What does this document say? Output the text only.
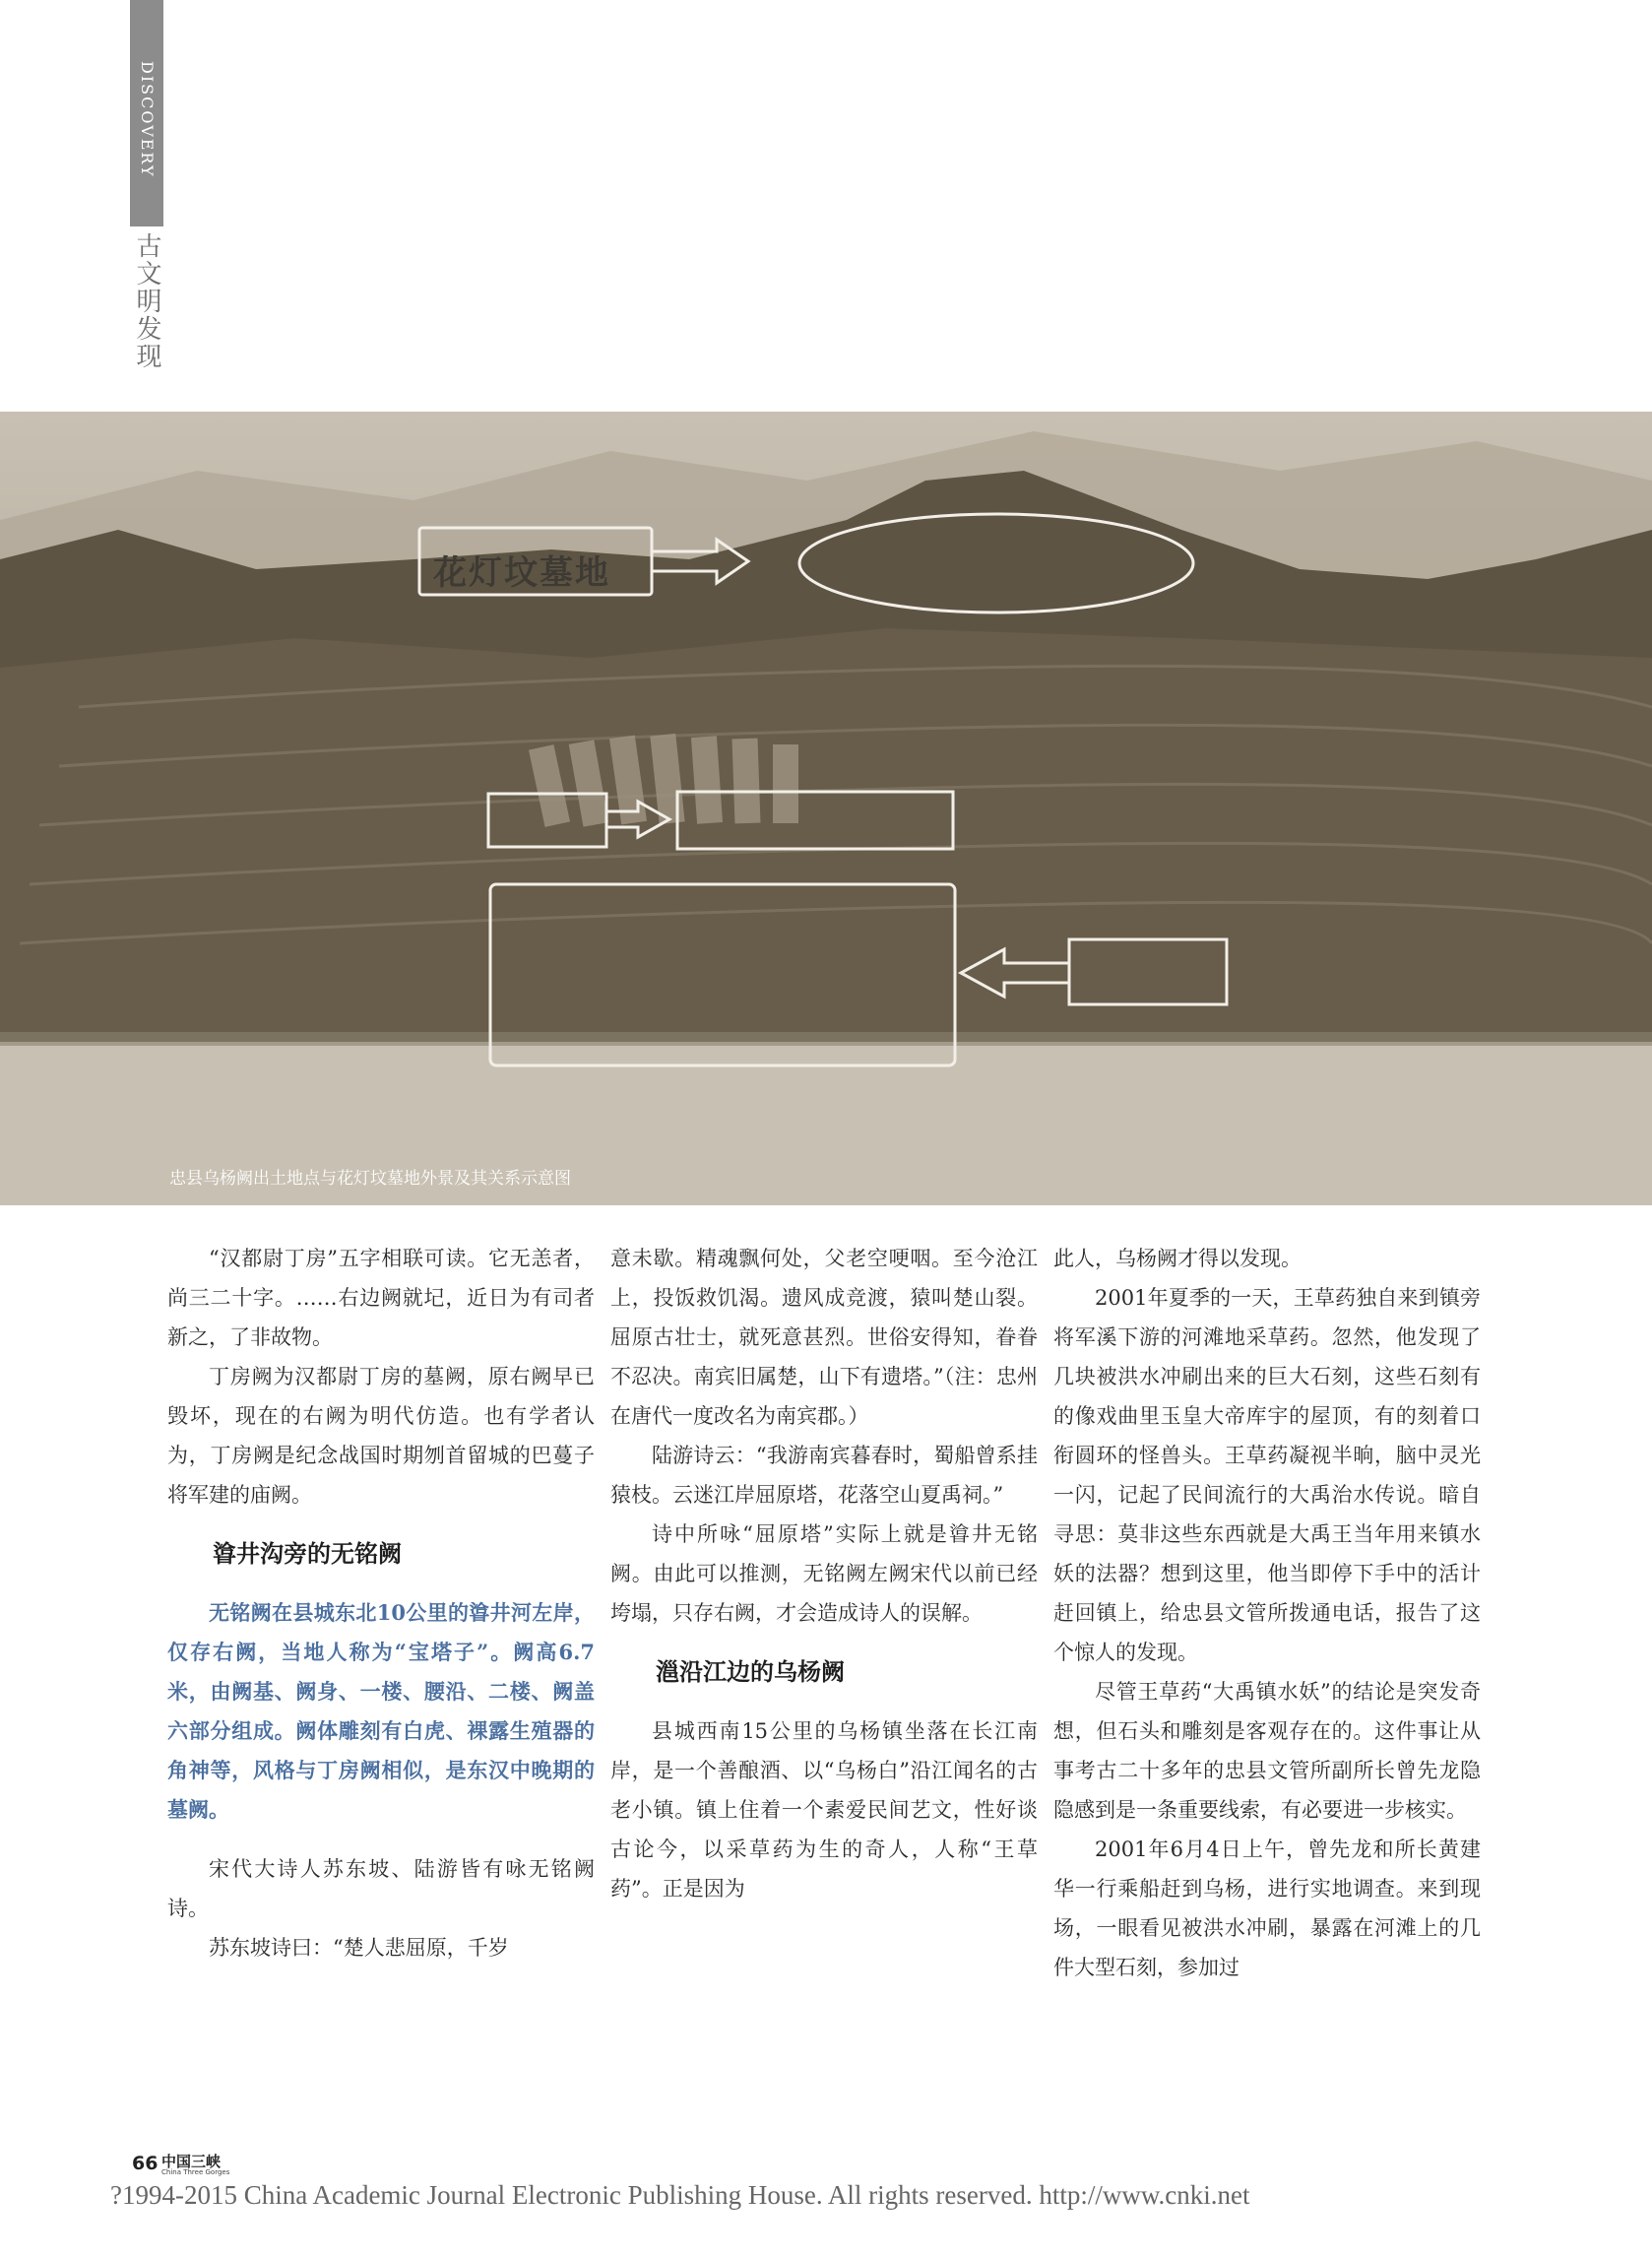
DISCOVERY
古文明发现
花灯坟墓地
忠县乌杨阙出土地点与花灯坟墓地外景及其关系示意图

“汉都尉丁房”五字相联可读。它无恙者，尚三二十字。……右边阙就圮，近日为有司者新之，了非故物。

丁房阙为汉都尉丁房的墓阙，原右阙早已毁坏，现在的右阙为明代仿造。也有学者认为，丁房阙是纪念战国时期刎首留城的巴蔓子将军建的庙阙。

㽏井沟旁的无铭阙

无铭阙在县城东北10公里的㽏井河左岸，仅存右阙，当地人称为“宝塔子”。阙高6.7米，由阙基、阙身、一楼、腰沿、二楼、阙盖六部分组成。阙体雕刻有白虎、裸露生殖器的角神等，风格与丁房阙相似，是东汉中晚期的墓阙。

宋代大诗人苏东坡、陆游皆有咏无铭阙诗。

苏东坡诗曰：“楚人悲屈原，千岁

意未歇。精魂飘何处，父老空哽咽。至今沧江上，投饭救饥渴。遗风成竞渡，猿叫楚山裂。屈原古壮士，就死意甚烈。世俗安得知，眷眷不忍决。南宾旧属楚，山下有遗塔。”（注：忠州在唐代一度改名为南宾郡。）

陆游诗云：“我游南宾暮春时，蜀船曾系挂猿枝。云迷江岸屈原塔，花落空山夏禹祠。”

诗中所咏“屈原塔”实际上就是㽏井无铭阙。由此可以推测，无铭阙左阙宋代以前已经垮塌，只存右阙，才会造成诗人的误解。

㴩沿江边的乌杨阙

县城西南15公里的乌杨镇坐落在长江南岸，是一个善酿酒、以“乌杨白”沿江闻名的古老小镇。镇上住着一个素爱民间艺文，性好谈古论今，以采草药为生的奇人，人称“王草药”。正是因为

此人，乌杨阙才得以发现。

2001年夏季的一天，王草药独自来到镇旁将军溪下游的河滩地采草药。忽然，他发现了几块被洪水冲刷出来的巨大石刻，这些石刻有的像戏曲里玉皇大帝库宇的屋顶，有的刻着口衔圆环的怪兽头。王草药凝视半晌，脑中灵光一闪，记起了民间流行的大禹治水传说。暗自寻思：莫非这些东西就是大禹王当年用来镇水妖的法器？想到这里，他当即停下手中的活计赶回镇上，给忠县文管所拨通电话，报告了这个惊人的发现。

尽管王草药“大禹镇水妖”的结论是突发奇想，但石头和雕刻是客观存在的。这件事让从事考古二十多年的忠县文管所副所长曾先龙隐隐感到是一条重要线索，有必要进一步核实。

2001年6月4日上午，曾先龙和所长黄建华一行乘船赶到乌杨，进行实地调查。来到现场，一眼看见被洪水冲刷，暴露在河滩上的几件大型石刻，参加过

66 中国三峡
China Three Gorges
?1994-2015 China Academic Journal Electronic Publishing House. All rights reserved. http://www.cnki.net
